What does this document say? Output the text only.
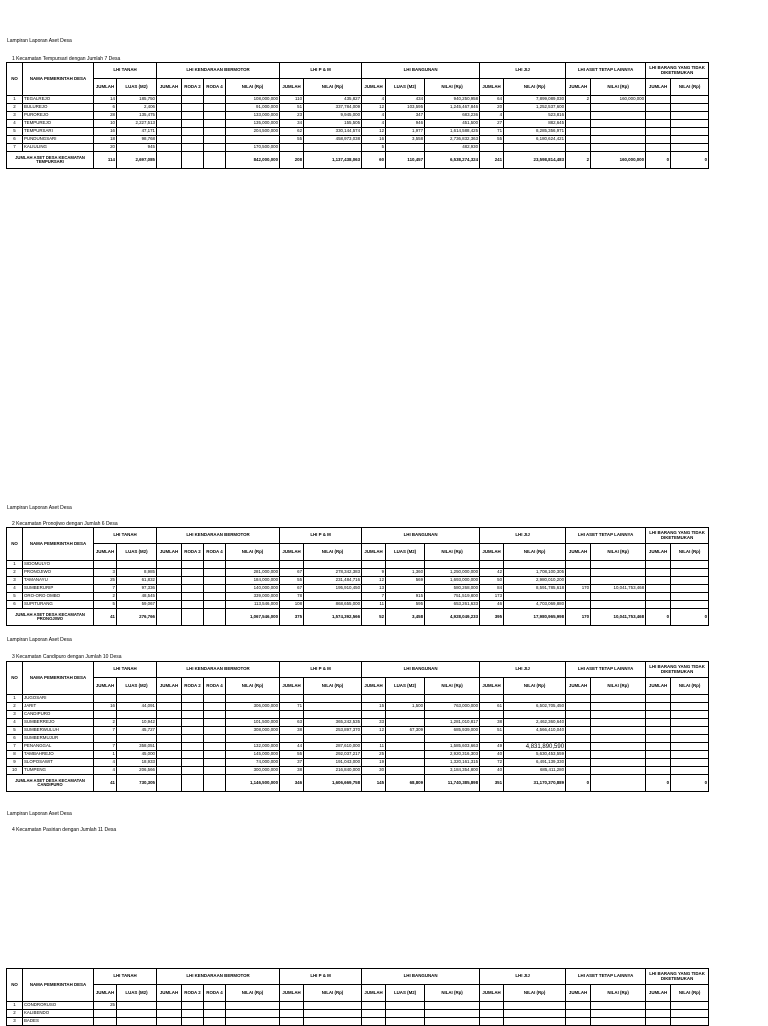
Lampiran Laporan Aset Desa
1 Kecamatan Tempursari dengan Jumlah 7 Desa
NO	NAMA PEMERINTAH DESA	LHI TANAH		LHI KENDARAAN BERMOTOR				LHI P & M		LHI BANGUNAN			LHI JIJ		LHI ASET TETAP LAINNYA		LHI BARANG YANG TIDAK DIKETEMUKAN	
		JUMLAH	LUAS (M2)	JUMLAH	RODA 2	RODA 4	NILAI (Rp)	JUMLAH	NILAI (Rp)	JUMLAH	LUAS (M2)	NILAI (Rp)	JUMLAH	NILAI (Rp)	JUMLAH	NILAI (Rp)	JUMLAH	NILAI (Rp)
1	TEGALREJO	14	185,750				108,000,000	110	435,827	4	434	940,250,958	64	7,899,089,030	2	160,000,000		
2	BULUREJO	6	2,406				91,000,000	51	337,784,009	12	103,595	1,245,467,846	20	1,252,537,600				
3	PUROREJO	28	135,475				133,000,000	23	9,945,000	4	347	683,236	4	523,816				
4	TEMPUREJO	10	2,227,513				135,000,000	34	155,505	4	946	451,500	27	882,645				
5	TEMPURSARI	16	47,171				204,500,000	62	330,144,574	12	1,977	1,614,588,425	71	8,285,356,971				
6	PUNDUNGSARI	18	98,768					55	458,973,038	16	3,558	2,736,832,363	55	6,180,624,421				
7	KALIULING	20	945				170,500,000			5		482,930						
JUMLAH ASET DESA KECAMATAN TEMPURSARI		114	2,697,085				842,000,000	208	1,137,438,063	60	110,457	6,538,274,324	241	23,598,814,483	2	160,000,000	0	0
Lampiran Laporan Aset Desa
2 Kecamatan Pronojiwo dengan Jumlah 6 Desa
NO	NAMA PEMERINTAH DESA	LHI TANAH		LHI KENDARAAN BERMOTOR				LHI P & M		LHI BANGUNAN			LHI JIJ		LHI ASET TETAP LAINNYA		LHI BARANG YANG TIDAK DIKETEMUKAN	
		JUMLAH	LUAS (M2)	JUMLAH	RODA 2	RODA 4	NILAI (Rp)	JUMLAH	NILAI (Rp)	JUMLAH	LUAS (M2)	NILAI (Rp)	JUMLAH	NILAI (Rp)	JUMLAH	NILAI (Rp)	JUMLAH	NILAI (Rp)
1	SIDOMULYO																	
2	PRONOJIWO	3	8,985				281,000,000	67	278,342,383	9	1,360	1,250,000,000	42	1,708,100,305				
3	TAMANAYU	25	61,832				184,000,000	55	231,484,716	12	569	1,693,000,000	50	2,980,010,200				
4	SUMBERURIP	7	97,336				140,000,000	67	195,910,450	13		580,268,000	84	8,591,785,618	170	10,041,753,468		
5	ORO-ORO OMBO	2	48,545				339,000,000	78		7	915	751,519,800	173					
6	SUPITURANG	5	59,067				113,546,000	108	868,655,000	11	595	653,261,633	46	4,703,069,880				
JUMLAH ASET DESA KECAMATAN PRONOJIWO		41	276,766				1,067,546,000	375	1,574,392,566	52	3,458	4,928,049,233	395	17,980,965,998	170	10,041,753,468	0	0
Lampiran Laporan Aset Desa
3 Kecamatan Candipuro dengan Jumlah 10 Desa
NO	NAMA PEMERINTAH DESA	LHI TANAH		LHI KENDARAAN BERMOTOR				LHI P & M		LHI BANGUNAN			LHI JIJ		LHI ASET TETAP LAINNYA		LHI BARANG YANG TIDAK DIKETEMUKAN	
		JUMLAH	LUAS (M2)	JUMLAH	RODA 2	RODA 4	NILAI (Rp)	JUMLAH	NILAI (Rp)	JUMLAH	LUAS (M2)	NILAI (Rp)	JUMLAH	NILAI (Rp)	JUMLAH	NILAI (Rp)	JUMLAH	NILAI (Rp)
1	JUGOSARI																	
2	JARIT	16	44,091				306,000,000	71		15	1,500	763,000,000	61	6,502,705,450				
3	CANDIPURO																	
4	SUMBERREJO	2	10,942				101,500,000	63	365,242,535	33		1,281,010,817	38	2,462,360,640				
5	SUMBERWULUH	7	45,727				308,000,000	38	253,897,370	12	67,309	685,939,000	51	4,566,410,040				
6	SUMBERMUJUR																	
7	PENANGGAL	7	358,051				132,000,000	44	287,610,000	11		1,585,603,663	49	4,831,890,590				
8	TAMBAHREJO	1	45,000				145,000,000	55	292,037,217	25		2,920,316,303	40	5,630,453,559				
9	SLOPOSAWIT	4	18,933				74,000,000	37	191,043,000	19		1,320,161,315	72	6,491,139,330				
10	TUMPENG	4	206,566				300,000,000	38	216,840,000	30		3,184,354,800	40	685,411,280				
JUMLAH ASET DESA KECAMATAN CANDIPURO		41	730,305				1,146,500,000	346	1,606,669,758	145	68,809	11,740,385,898	351	31,170,370,889	0		0	0
Lampiran Laporan Aset Desa
4 Kecamatan Pasirian dengan Jumlah 11 Desa
NO	NAMA PEMERINTAH DESA	LHI TANAH		LHI KENDARAAN BERMOTOR				LHI P & M		LHI BANGUNAN			LHI JIJ		LHI ASET TETAP LAINNYA		LHI BARANG YANG TIDAK DIKETEMUKAN	
		JUMLAH	LUAS (M2)	JUMLAH	RODA 2	RODA 4	NILAI (Rp)	JUMLAH	NILAI (Rp)	JUMLAH	LUAS (M2)	NILAI (Rp)	JUMLAH	NILAI (Rp)	JUMLAH	NILAI (Rp)	JUMLAH	NILAI (Rp)
1	CONDRORUSO	25																
2	KALIBENDO																	
3	BADES																	
